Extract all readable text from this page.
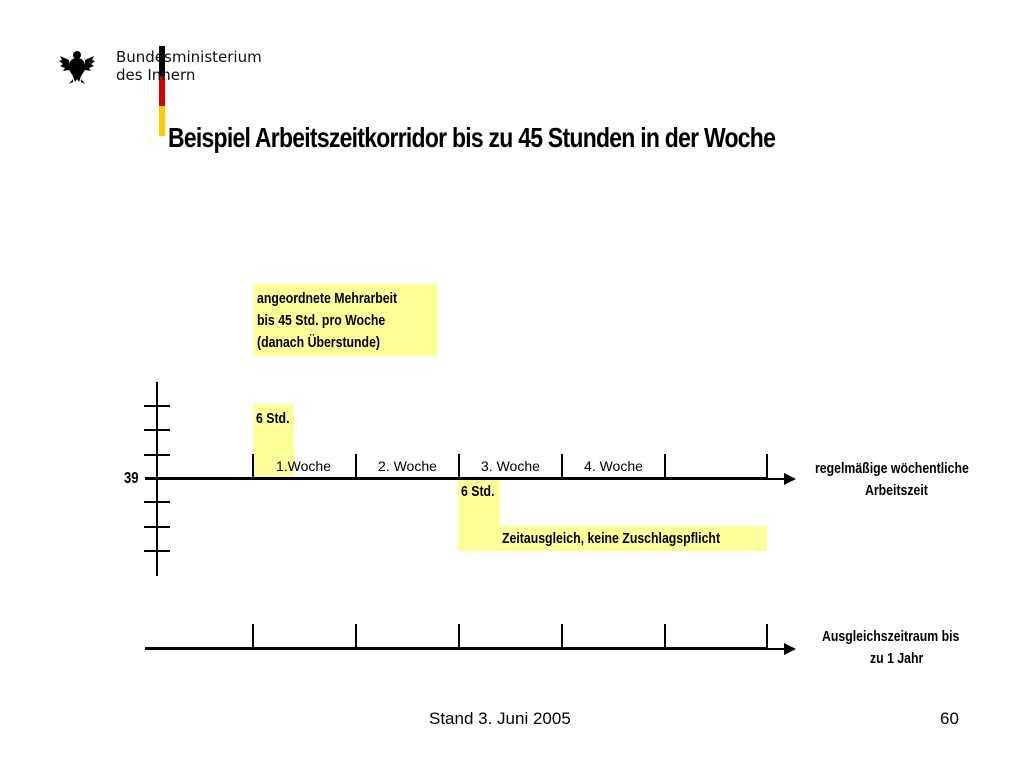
Bundesministerium
des Innern
Beispiel Arbeitszeitkorridor bis zu 45 Stunden in der Woche
angeordnete Mehrarbeit
bis 45 Std. pro Woche
(danach Überstunde)
6 Std.
6 Std.
Zeitausgleich, keine Zuschlagspflicht
39
1.Woche	2. Woche	3. Woche	4. Woche	regelmäßige wöchentliche
Arbeitszeit
Ausgleichszeitraum bis
zu 1 Jahr
Stand 3. Juni 2005	60
